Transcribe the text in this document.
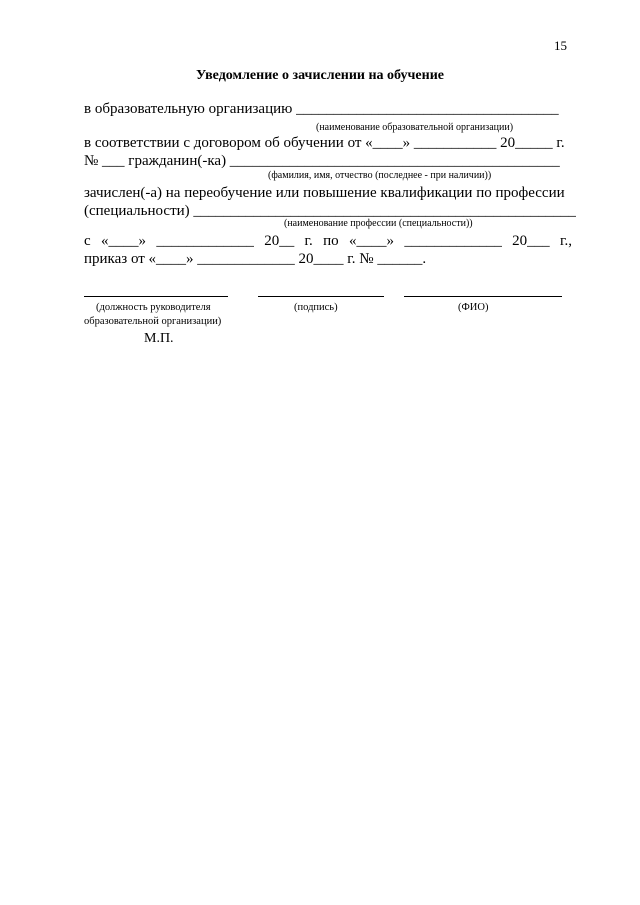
15
Уведомление о зачислении на обучение
в образовательную организацию ___________________________________
(наименование образовательной организации)
в соответствии с договором об обучении от «____» ___________ 20_____ г.
№ ___ гражданин(-ка) ____________________________________________
(фамилия, имя, отчество (последнее - при наличии))
зачислен(-а) на переобучение или повышение квалификации по профессии
(специальности) ___________________________________________________
(наименование профессии (специальности))
с  «____»  _____________  20__  г.  по  «____»  _____________  20___  г.,
приказ от «____» _____________ 20____ г. № ______.
(должность руководителя
образовательной организации)
(подпись)	(ФИО)
М.П.
